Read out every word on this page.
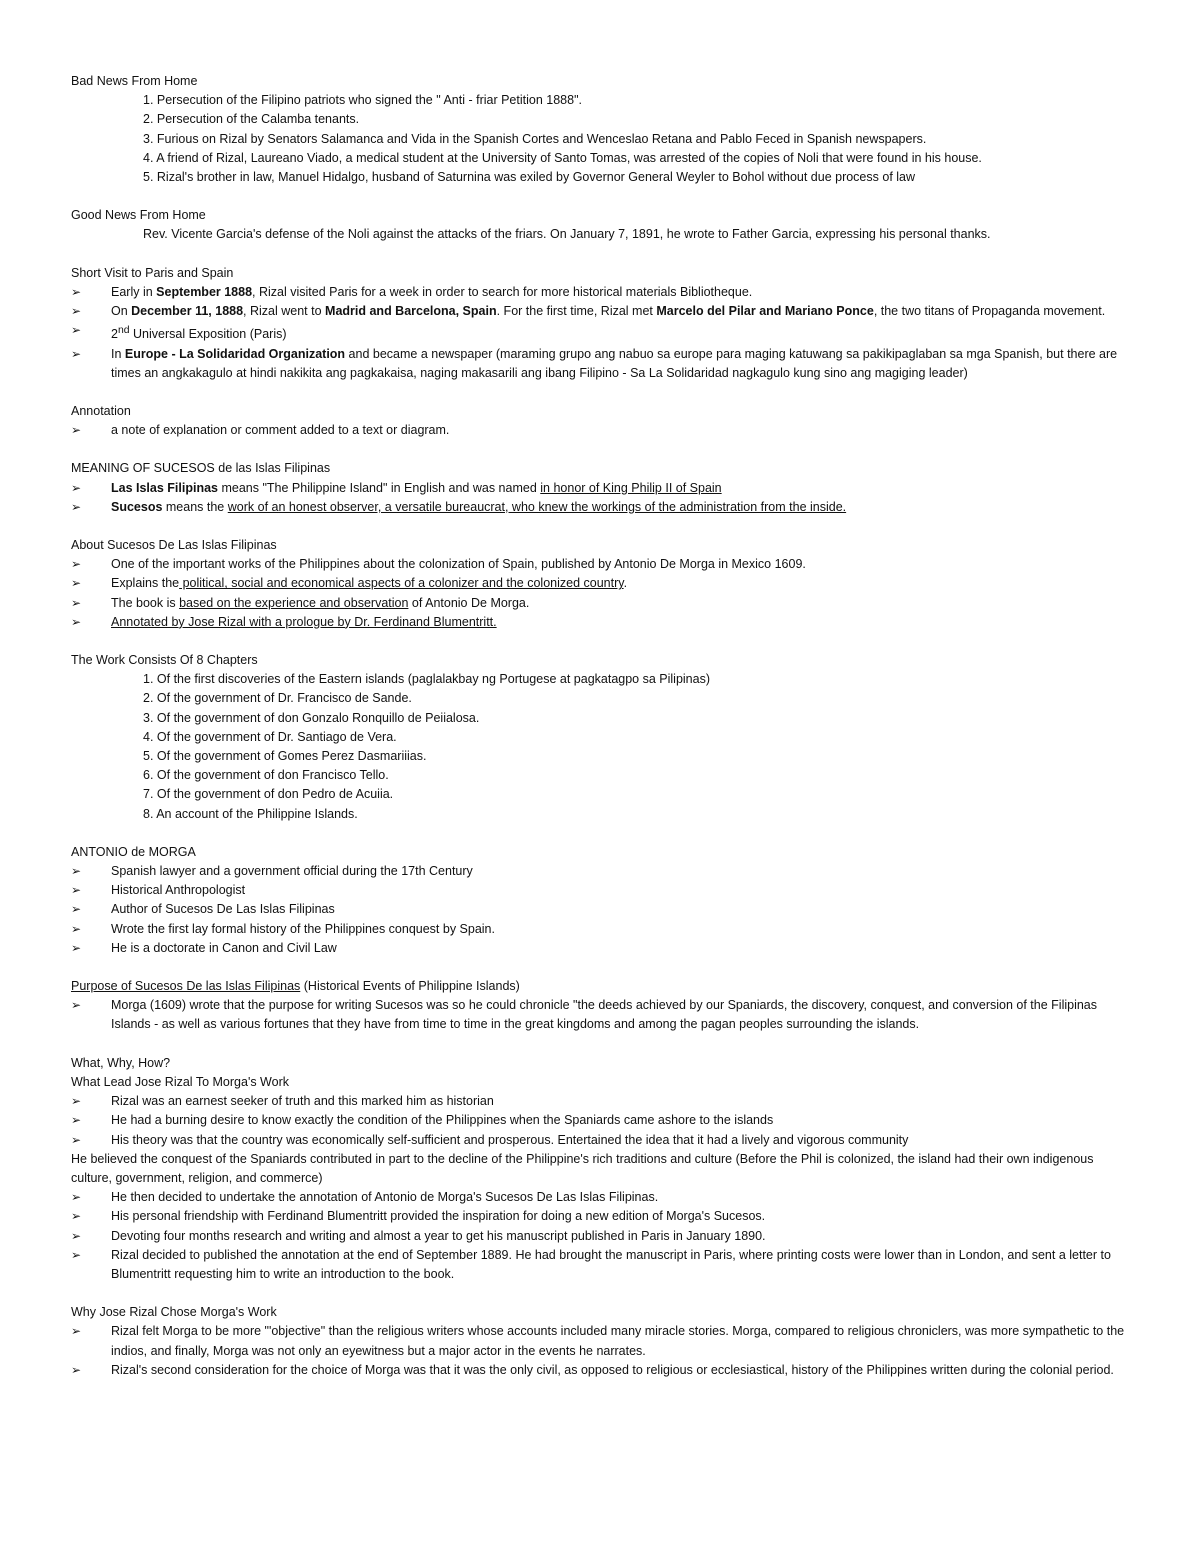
Bad News From Home
1. Persecution of the Filipino patriots who signed the " Anti - friar Petition 1888".
2. Persecution of the Calamba tenants.
3. Furious on Rizal by Senators Salamanca and Vida in the Spanish Cortes and Wenceslao Retana and Pablo Feced in Spanish newspapers.
4. A friend of Rizal, Laureano Viado, a medical student at the University of Santo Tomas, was arrested of the copies of Noli that were found in his house.
5. Rizal's brother in law, Manuel Hidalgo, husband of Saturnina was exiled by Governor General Weyler to Bohol without due process of law
Good News From Home
Rev. Vicente Garcia's defense of the Noli against the attacks of the friars. On January 7, 1891, he wrote to Father Garcia, expressing his personal thanks.
Short Visit to Paris and Spain
➢	Early in September 1888, Rizal visited Paris for a week in order to search for more historical materials Bibliotheque.
➢	On December 11, 1888, Rizal went to Madrid and Barcelona, Spain. For the first time, Rizal met Marcelo del Pilar and Mariano Ponce, the two titans of Propaganda movement.
➢	2nd Universal Exposition (Paris)
➢	In Europe - La Solidaridad Organization and became a newspaper (maraming grupo ang nabuo sa europe para maging katuwang sa pakikipaglaban sa mga Spanish, but there are times an angkakagulo at hindi nakikita ang pagkakaisa, naging makasarili ang ibang Filipino - Sa La Solidaridad nagkagulo kung sino ang magiging leader)
Annotation
➢	a note of explanation or comment added to a text or diagram.
MEANING OF SUCESOS de las Islas Filipinas
➢	Las Islas Filipinas means "The Philippine Island" in English and was named in honor of King Philip II of Spain
➢	Sucesos means the work of an honest observer, a versatile bureaucrat, who knew the workings of the administration from the inside.
About Sucesos De Las Islas Filipinas
➢	One of the important works of the Philippines about the colonization of Spain, published by Antonio De Morga in Mexico 1609.
➢	Explains the political, social and economical aspects of a colonizer and the colonized country.
➢	The book is based on the experience and observation of Antonio De Morga.
➢	Annotated by Jose Rizal with a prologue by Dr. Ferdinand Blumentritt.
The Work Consists Of 8 Chapters
1. Of the first discoveries of the Eastern islands (paglalakbay ng Portugese at pagkatagpo sa Pilipinas)
2. Of the government of Dr. Francisco de Sande.
3. Of the government of don Gonzalo Ronquillo de Peiialosa.
4. Of the government of Dr. Santiago de Vera.
5. Of the government of Gomes Perez Dasmariiias.
6. Of the government of don Francisco Tello.
7. Of the government of don Pedro de Acuiia.
8. An account of the Philippine Islands.
ANTONIO de MORGA
➢	Spanish lawyer and a government official during the 17th Century
➢	Historical Anthropologist
➢	Author of Sucesos De Las Islas Filipinas
➢	Wrote the first lay formal history of the Philippines conquest by Spain.
➢	He is a doctorate in Canon and Civil Law
Purpose of Sucesos De las Islas Filipinas (Historical Events of Philippine Islands)
➢	Morga (1609) wrote that the purpose for writing Sucesos was so he could chronicle "the deeds achieved by our Spaniards, the discovery, conquest, and conversion of the Filipinas Islands - as well as various fortunes that they have from time to time in the great kingdoms and among the pagan peoples surrounding the islands.
What, Why, How?
What Lead Jose Rizal To Morga's Work
➢	Rizal was an earnest seeker of truth and this marked him as historian
➢	He had a burning desire to know exactly the condition of the Philippines when the Spaniards came ashore to the islands
➢	His theory was that the country was economically self-sufficient and prosperous. Entertained the idea that it had a lively and vigorous community
He believed the conquest of the Spaniards contributed in part to the decline of the Philippine's rich traditions and culture (Before the Phil is colonized, the island had their own indigenous culture, government, religion, and commerce)
➢	He then decided to undertake the annotation of Antonio de Morga's Sucesos De Las Islas Filipinas.
➢	His personal friendship with Ferdinand Blumentritt provided the inspiration for doing a new edition of Morga's Sucesos.
➢	Devoting four months research and writing and almost a year to get his manuscript published in Paris in January 1890.
➢	Rizal decided to published the annotation at the end of September 1889. He had brought the manuscript in Paris, where printing costs were lower than in London, and sent a letter to Blumentritt requesting him to write an introduction to the book.
Why Jose Rizal Chose Morga's Work
➢	Rizal felt Morga to be more "'objective" than the religious writers whose accounts included many miracle stories. Morga, compared to religious chroniclers, was more sympathetic to the indios, and finally, Morga was not only an eyewitness but a major actor in the events he narrates.
➢	Rizal's second consideration for the choice of Morga was that it was the only civil, as opposed to religious or ecclesiastical, history of the Philippines written during the colonial period.
